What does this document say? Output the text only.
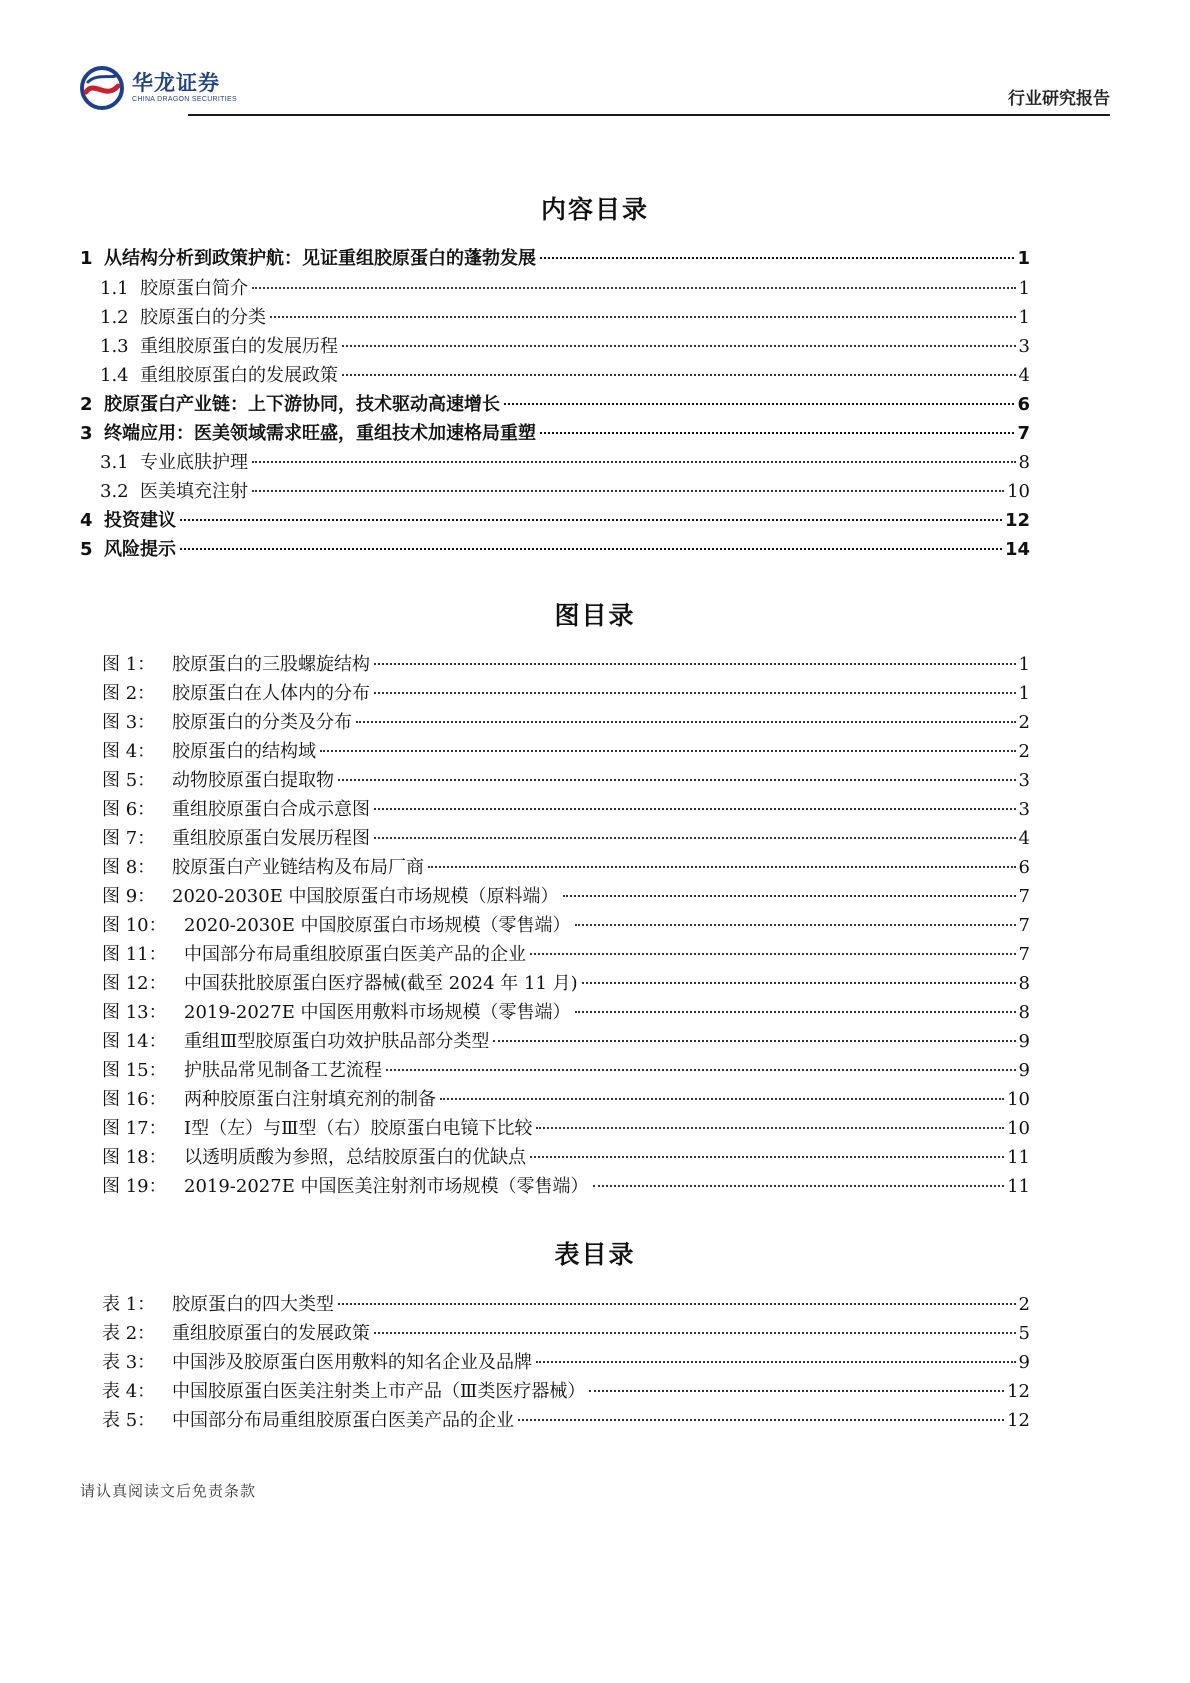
华龙证券
CHINA DRAGON SECURITIES	行业研究报告
内容目录
1 从结构分析到政策护航：见证重组胶原蛋白的蓬勃发展	1
1.1 胶原蛋白简介	1
1.2 胶原蛋白的分类	1
1.3 重组胶原蛋白的发展历程	3
1.4 重组胶原蛋白的发展政策	4
2 胶原蛋白产业链：上下游协同，技术驱动高速增长	6
3 终端应用：医美领域需求旺盛，重组技术加速格局重塑	7
3.1 专业底肤护理	8
3.2 医美填充注射	10
4 投资建议	12
5 风险提示	14
图目录
图 1： 胶原蛋白的三股螺旋结构	1
图 2： 胶原蛋白在人体内的分布	1
图 3： 胶原蛋白的分类及分布	2
图 4： 胶原蛋白的结构域	2
图 5： 动物胶原蛋白提取物	3
图 6： 重组胶原蛋白合成示意图	3
图 7： 重组胶原蛋白发展历程图	4
图 8： 胶原蛋白产业链结构及布局厂商	6
图 9： 2020-2030E 中国胶原蛋白市场规模（原料端）	7
图 10： 2020-2030E 中国胶原蛋白市场规模（零售端）	7
图 11： 中国部分布局重组胶原蛋白医美产品的企业	7
图 12： 中国获批胶原蛋白医疗器械(截至 2024 年 11 月)	8
图 13： 2019-2027E 中国医用敷料市场规模（零售端）	8
图 14： 重组Ⅲ型胶原蛋白功效护肤品部分类型	9
图 15： 护肤品常见制备工艺流程	9
图 16： 两种胶原蛋白注射填充剂的制备	10
图 17： Ⅰ型（左）与Ⅲ型（右）胶原蛋白电镜下比较	10
图 18： 以透明质酸为参照，总结胶原蛋白的优缺点	11
图 19： 2019-2027E 中国医美注射剂市场规模（零售端）	11
表目录
表 1： 胶原蛋白的四大类型	2
表 2： 重组胶原蛋白的发展政策	5
表 3： 中国涉及胶原蛋白医用敷料的知名企业及品牌	9
表 4： 中国胶原蛋白医美注射类上市产品（Ⅲ类医疗器械）	12
表 5： 中国部分布局重组胶原蛋白医美产品的企业	12
请认真阅读文后免责条款
